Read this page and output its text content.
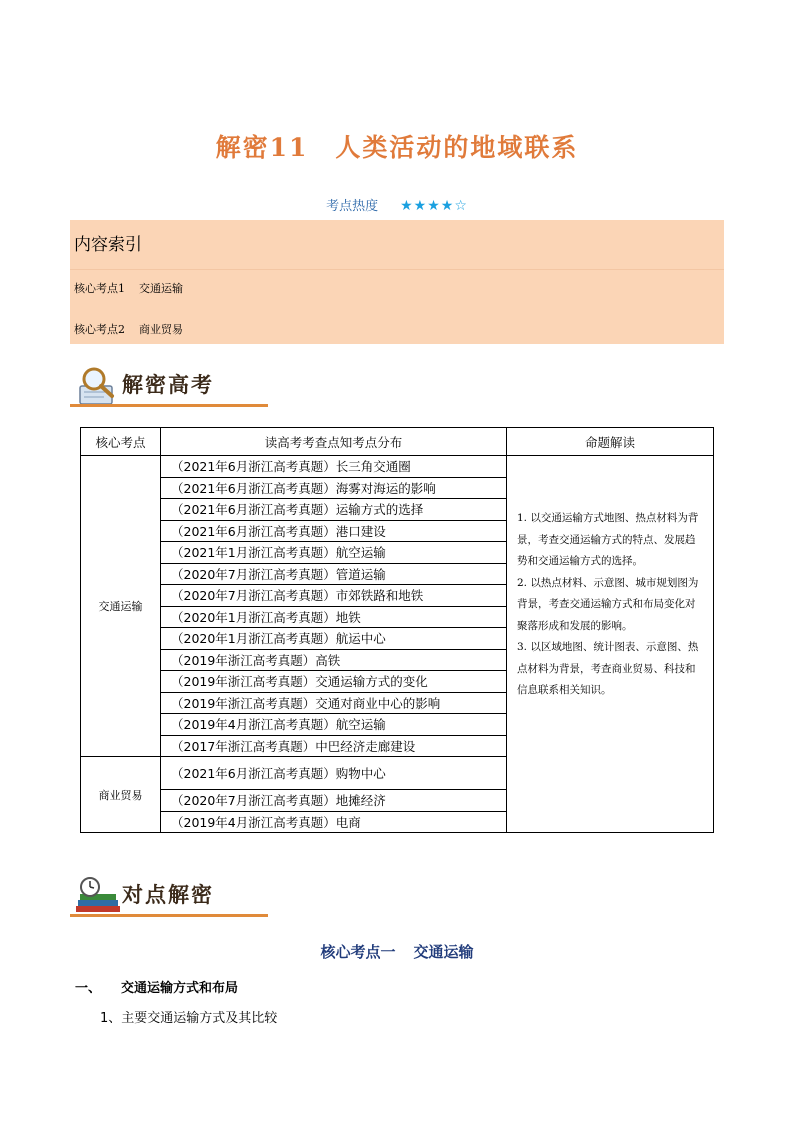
解密11　人类活动的地域联系
考点热度 ★★★★☆
内容索引
核心考点1 交通运输
核心考点2 商业贸易
解密高考
核心考点	读高考考查点知考点分布	命题解读
交通运输	（2021年6月浙江高考真题）长三角交通圈	1. 以交通运输方式地图、热点材料为背景，考查交通运输方式的特点、发展趋势和交通运输方式的选择。
2. 以热点材料、示意图、城市规划图为背景，考查交通运输方式和布局变化对聚落形成和发展的影响。
3. 以区域地图、统计图表、示意图、热点材料为背景，考查商业贸易、科技和信息联系相关知识。

	（2021年6月浙江高考真题）海雾对海运的影响	
	（2021年6月浙江高考真题）运输方式的选择	
	（2021年6月浙江高考真题）港口建设	
	（2021年1月浙江高考真题）航空运输	
	（2020年7月浙江高考真题）管道运输	
	（2020年7月浙江高考真题）市郊铁路和地铁	
	（2020年1月浙江高考真题）地铁	
	（2020年1月浙江高考真题）航运中心	
	（2019年浙江高考真题）高铁	
	（2019年浙江高考真题）交通运输方式的变化	
	（2019年浙江高考真题）交通对商业中心的影响	
	（2019年4月浙江高考真题）航空运输	
	（2017年浙江高考真题）中巴经济走廊建设	
商业贸易	（2021年6月浙江高考真题）购物中心	
	（2020年7月浙江高考真题）地摊经济	
	（2019年4月浙江高考真题）电商	
对点解密
核心考点一 交通运输
一、 交通运输方式和布局
1、主要交通运输方式及其比较
